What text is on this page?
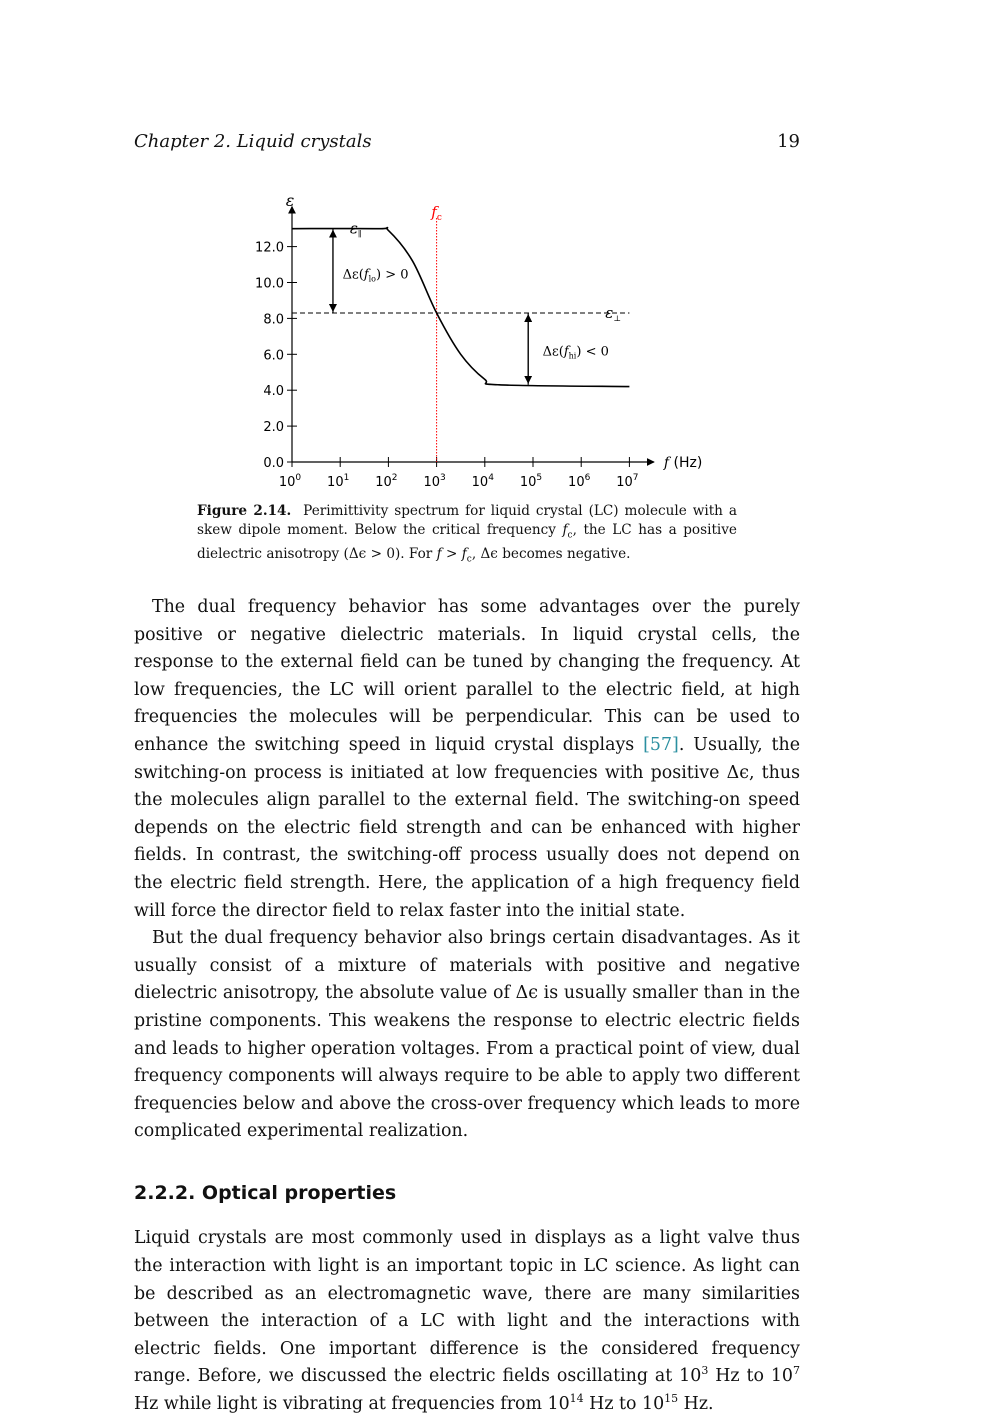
Chapter 2. Liquid crystals	19
0.0
2.0
4.0
6.0
8.0
10.0
12.0
$10^0$ $10^1$ $10^2$ $10^3$ $10^4$ $10^5$ $10^6$ $10^7$
ε
f (Hz)
$f_c$
$\varepsilon_\parallel$
$\varepsilon_\perp$
$\Delta\varepsilon(f_{lo}) > 0$
$\Delta\varepsilon(f_{hi}) < 0$
Figure 2.14. Perimittivity spectrum for liquid crystal (LC) molecule with a skew dipole moment. Below the critical frequency $f_c$, the LC has a positive dielectric anisotropy (Δϵ > 0). For $f > f_c$, Δϵ becomes negative.

The dual frequency behavior has some advantages over the purely positive or negative dielectric materials. In liquid crystal cells, the response to the external field can be tuned by changing the frequency. At low frequencies, the LC will orient parallel to the electric field, at high frequencies the molecules will be perpendicular. This can be used to enhance the switching speed in liquid crystal displays [57]. Usually, the switching-on process is initiated at low frequencies with positive Δϵ, thus the molecules align parallel to the external field. The switching-on speed depends on the electric field strength and can be enhanced with higher fields. In contrast, the switching-off process usually does not depend on the electric field strength. Here, the application of a high frequency field will force the director field to relax faster into the initial state.

But the dual frequency behavior also brings certain disadvantages. As it usually consist of a mixture of materials with positive and negative dielectric anisotropy, the absolute value of Δϵ is usually smaller than in the pristine components. This weakens the response to electric electric fields and leads to higher operation voltages. From a practical point of view, dual frequency components will always require to be able to apply two different frequencies below and above the cross-over frequency which leads to more complicated experimental realization.

2.2.2. Optical properties

Liquid crystals are most commonly used in displays as a light valve thus the interaction with light is an important topic in LC science. As light can be described as an electromagnetic wave, there are many similarities between the interaction of a LC with light and the interactions with electric fields. One important difference is the considered frequency range. Before, we discussed the electric fields oscillating at $10^3$ Hz to $10^7$ Hz while light is vibrating at frequencies from $10^{14}$ Hz to $10^{15}$ Hz.
